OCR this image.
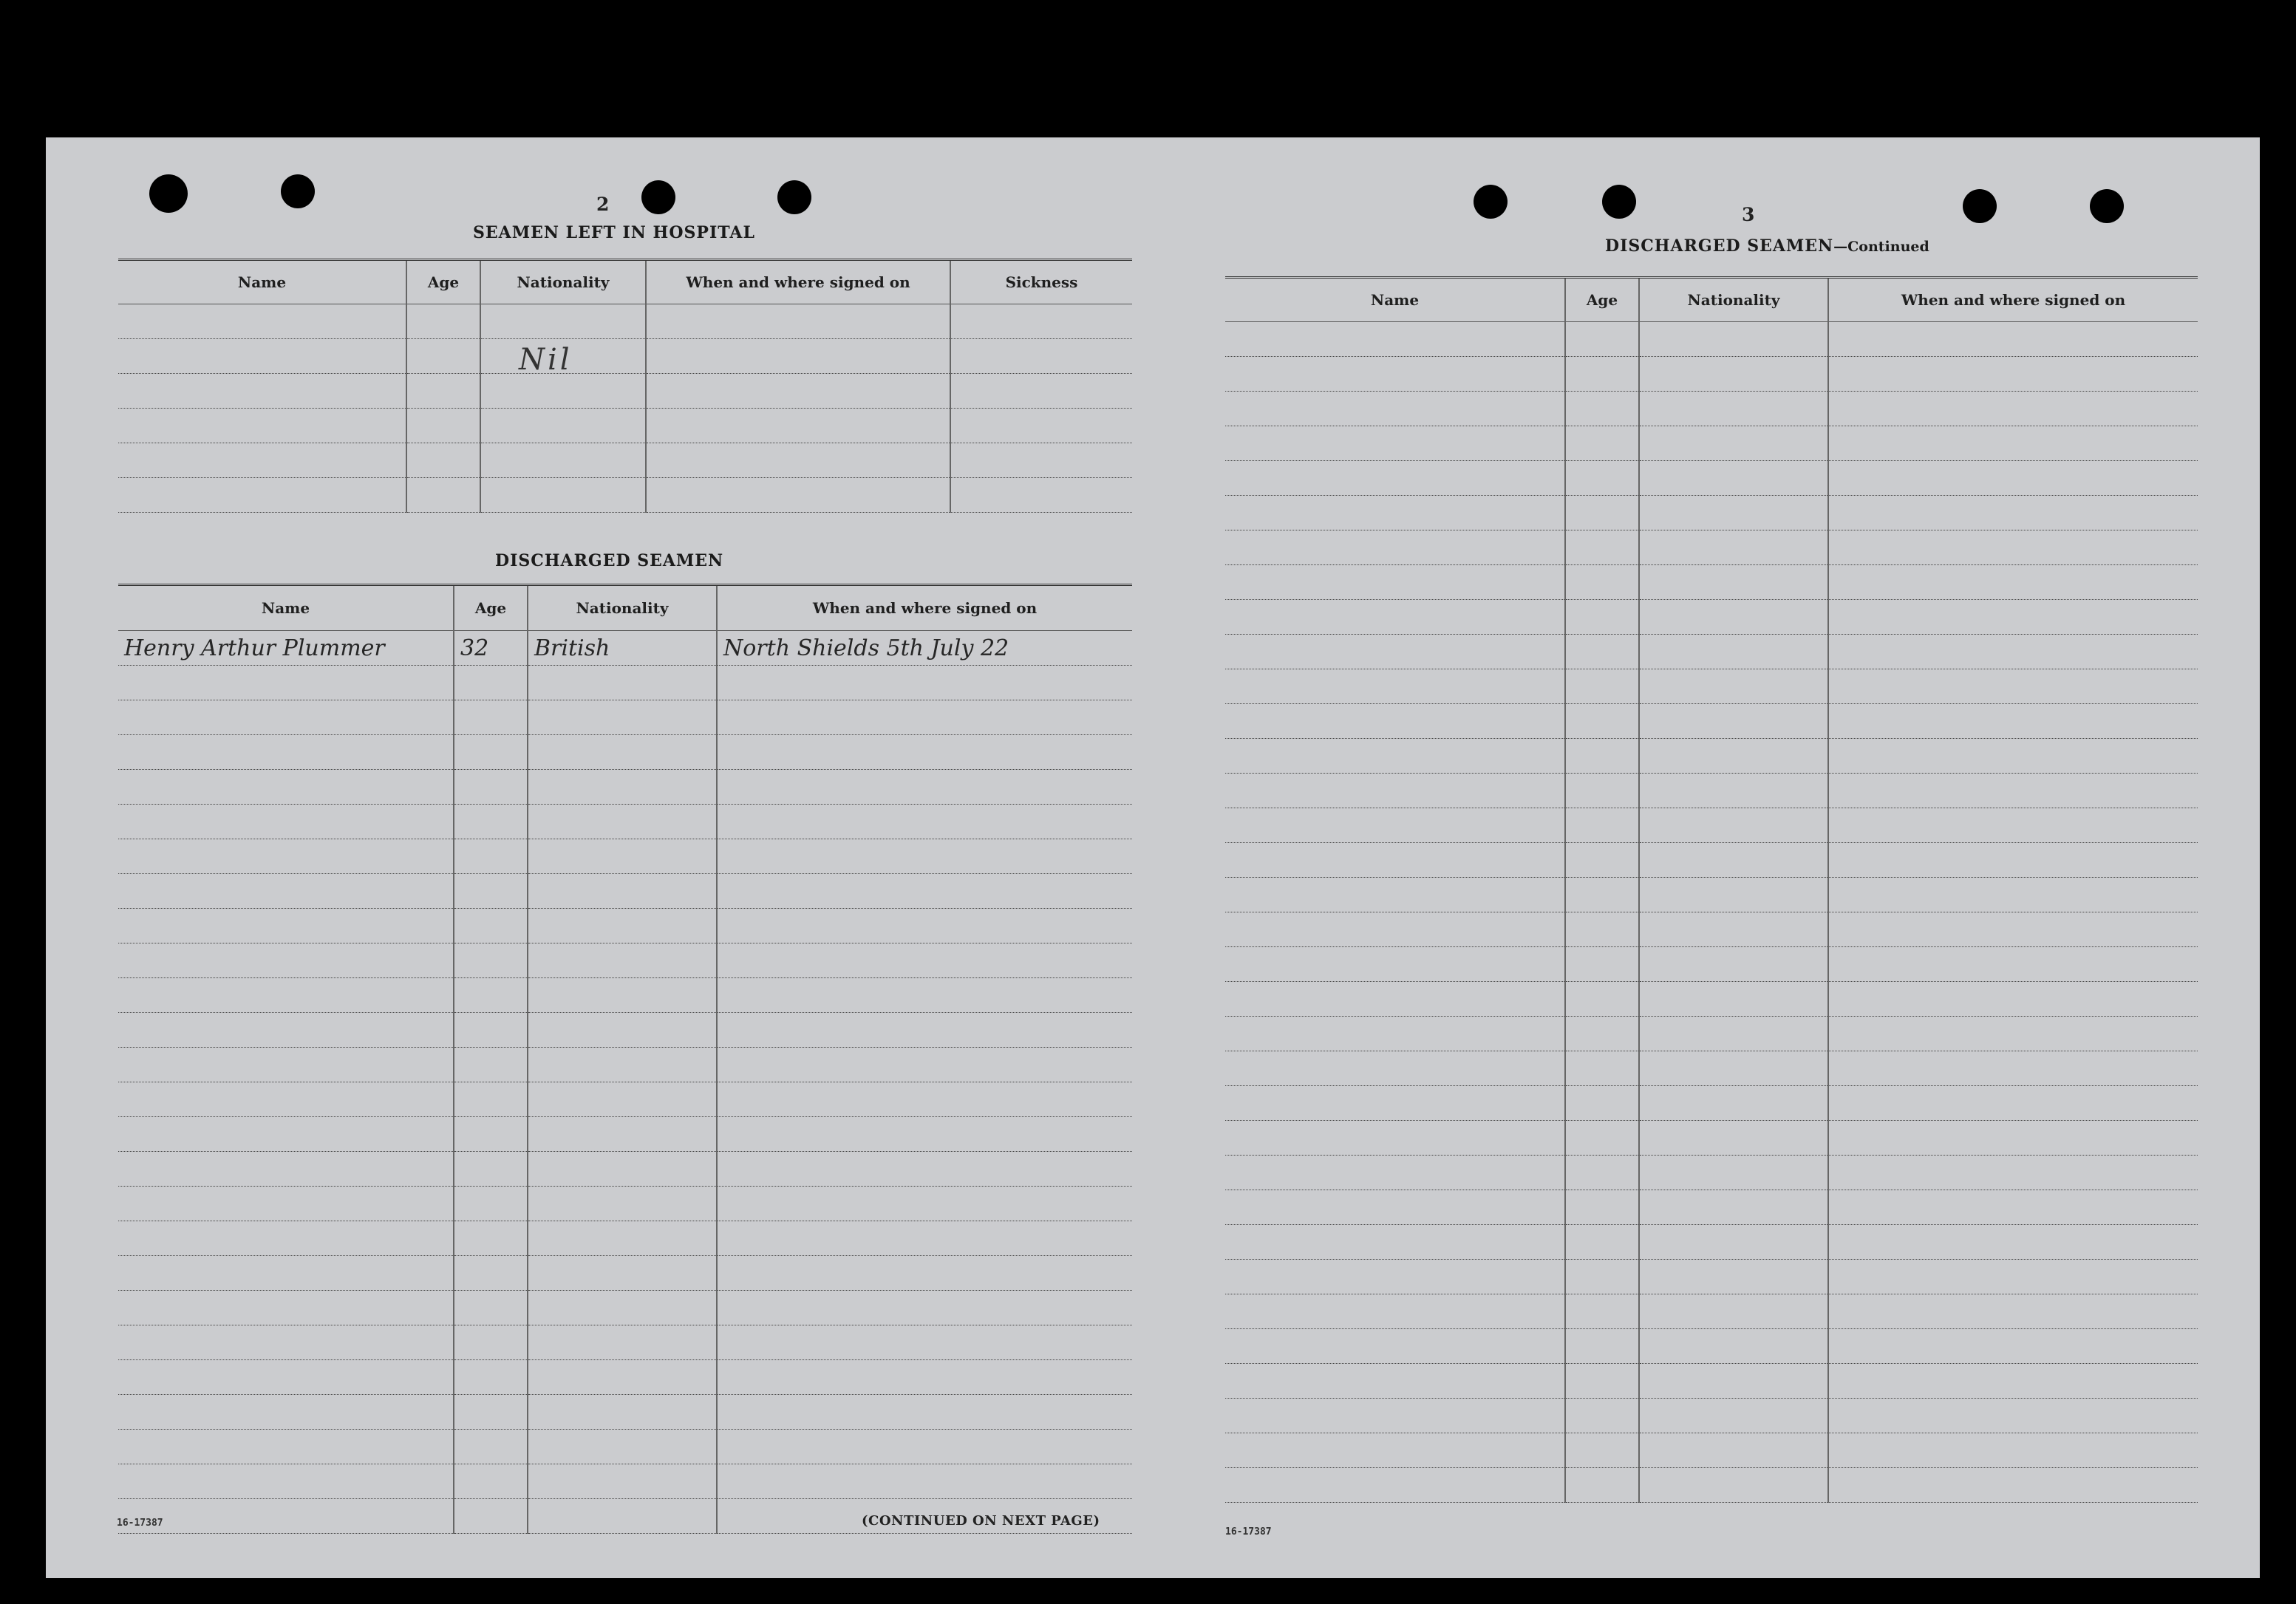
2
SEAMEN LEFT IN HOSPITAL
Name	Age	Nationality	When and where signed on	Sickness

Nil
DISCHARGED SEAMEN
Name	Age	Nationality	When and where signed on
Henry Arthur Plummer	32	British	North Shields 5th July 22

16-17387	(CONTINUED ON NEXT PAGE)
3
DISCHARGED SEAMEN—Continued
Name	Age	Nationality	When and where signed on

16-17387
